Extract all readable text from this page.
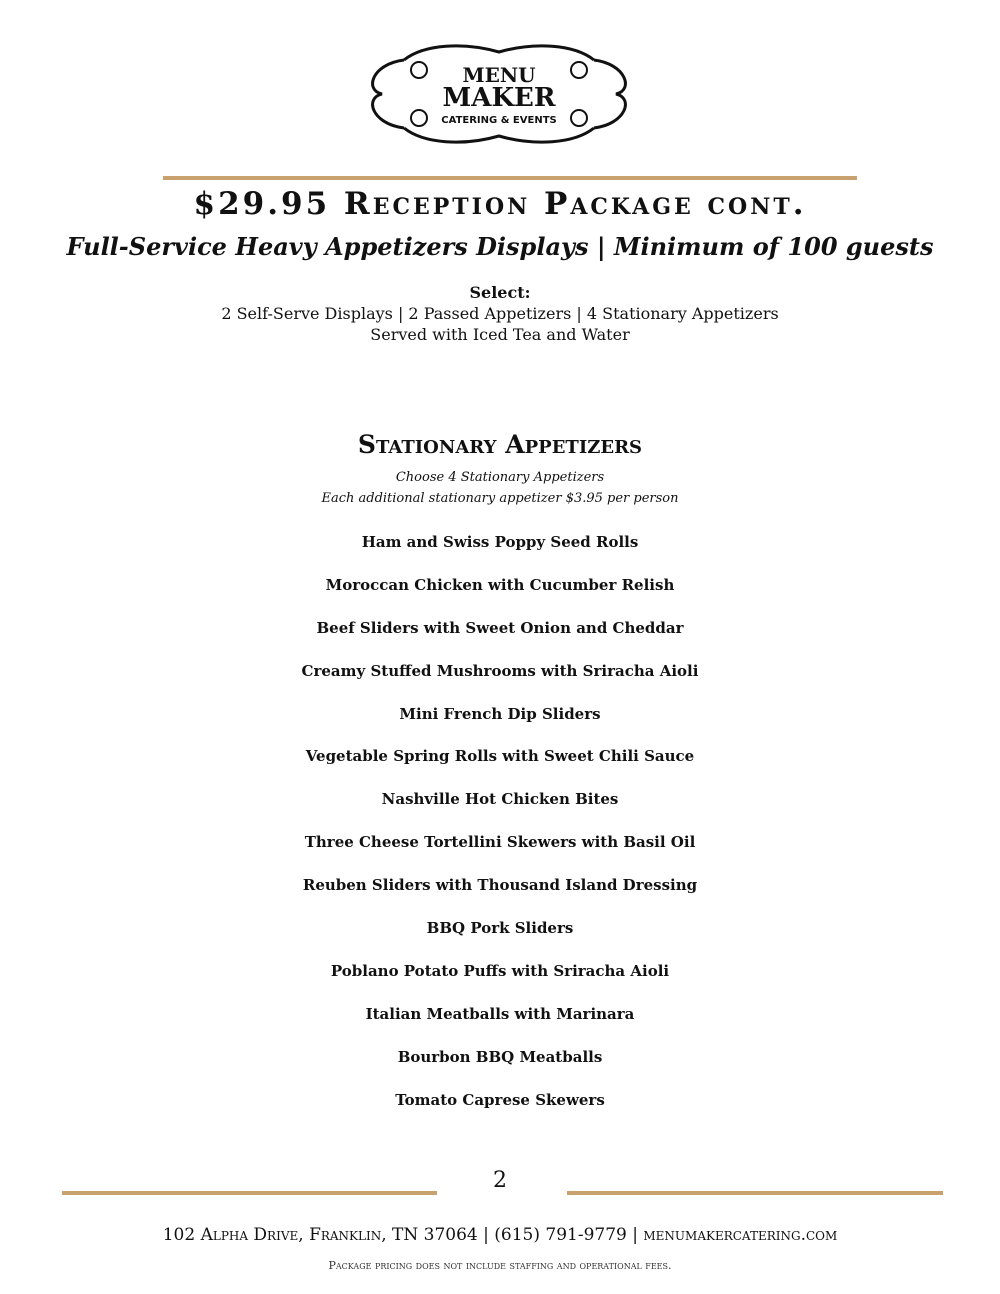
MENU
MAKER
CATERING & EVENTS
$29.95 Reception Package cont.
Full-Service Heavy Appetizers Displays | Minimum of 100 guests
Select:
2 Self-Serve Displays | 2 Passed Appetizers | 4 Stationary Appetizers
Served with Iced Tea and Water
Stationary Appetizers
Choose 4 Stationary Appetizers
Each additional stationary appetizer $3.95 per person
Ham and Swiss Poppy Seed Rolls
Moroccan Chicken with Cucumber Relish
Beef Sliders with Sweet Onion and Cheddar
Creamy Stuffed Mushrooms with Sriracha Aioli
Mini French Dip Sliders
Vegetable Spring Rolls with Sweet Chili Sauce
Nashville Hot Chicken Bites
Three Cheese Tortellini Skewers with Basil Oil
Reuben Sliders with Thousand Island Dressing
BBQ Pork Sliders
Poblano Potato Puffs with Sriracha Aioli
Italian Meatballs with Marinara
Bourbon BBQ Meatballs
Tomato Caprese Skewers
2
102 Alpha Drive, Franklin, TN 37064 | (615) 791-9779 | menumakercatering.com
Package pricing does not include staffing and operational fees.
